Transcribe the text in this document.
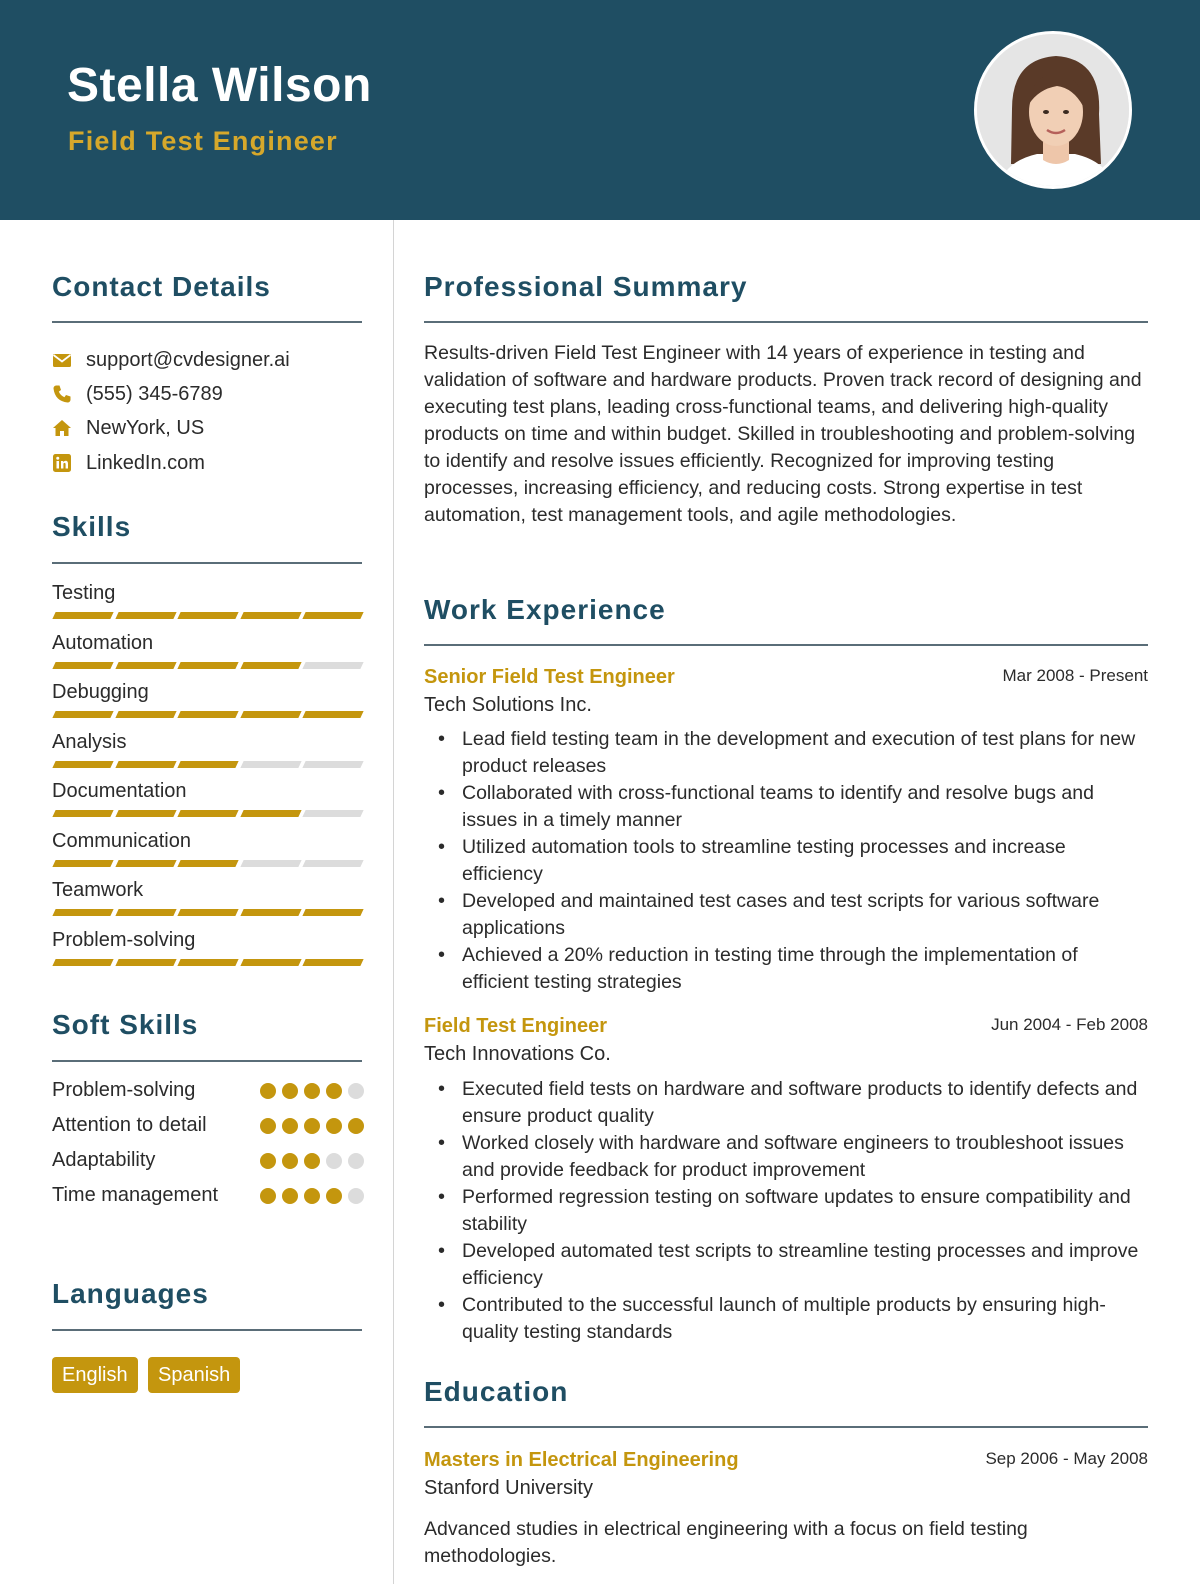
Stella Wilson
Field Test Engineer
Contact Details
support@cvdesigner.ai
(555) 345-6789
NewYork, US
LinkedIn.com
Skills
Testing
Automation
Debugging
Analysis
Documentation
Communication
Teamwork
Problem-solving
Soft Skills
Problem-solving
Attention to detail
Adaptability
Time management
Languages
English	Spanish
Professional Summary
Results-driven Field Test Engineer with 14 years of experience in testing and validation of software and hardware products. Proven track record of designing and executing test plans, leading cross-functional teams, and delivering high-quality products on time and within budget. Skilled in troubleshooting and problem-solving to identify and resolve issues efficiently. Recognized for improving testing processes, increasing efficiency, and reducing costs. Strong expertise in test automation, test management tools, and agile methodologies.
Work Experience
Senior Field Test Engineer	Mar 2008 - Present
Tech Solutions Inc.
• Lead field testing team in the development and execution of test plans for new product releases
• Collaborated with cross-functional teams to identify and resolve bugs and issues in a timely manner
• Utilized automation tools to streamline testing processes and increase efficiency
• Developed and maintained test cases and test scripts for various software applications
• Achieved a 20% reduction in testing time through the implementation of efficient testing strategies
Field Test Engineer	Jun 2004 - Feb 2008
Tech Innovations Co.
• Executed field tests on hardware and software products to identify defects and ensure product quality
• Worked closely with hardware and software engineers to troubleshoot issues and provide feedback for product improvement
• Performed regression testing on software updates to ensure compatibility and stability
• Developed automated test scripts to streamline testing processes and improve efficiency
• Contributed to the successful launch of multiple products by ensuring high-quality testing standards
Education
Masters in Electrical Engineering	Sep 2006 - May 2008
Stanford University
Advanced studies in electrical engineering with a focus on field testing methodologies.
